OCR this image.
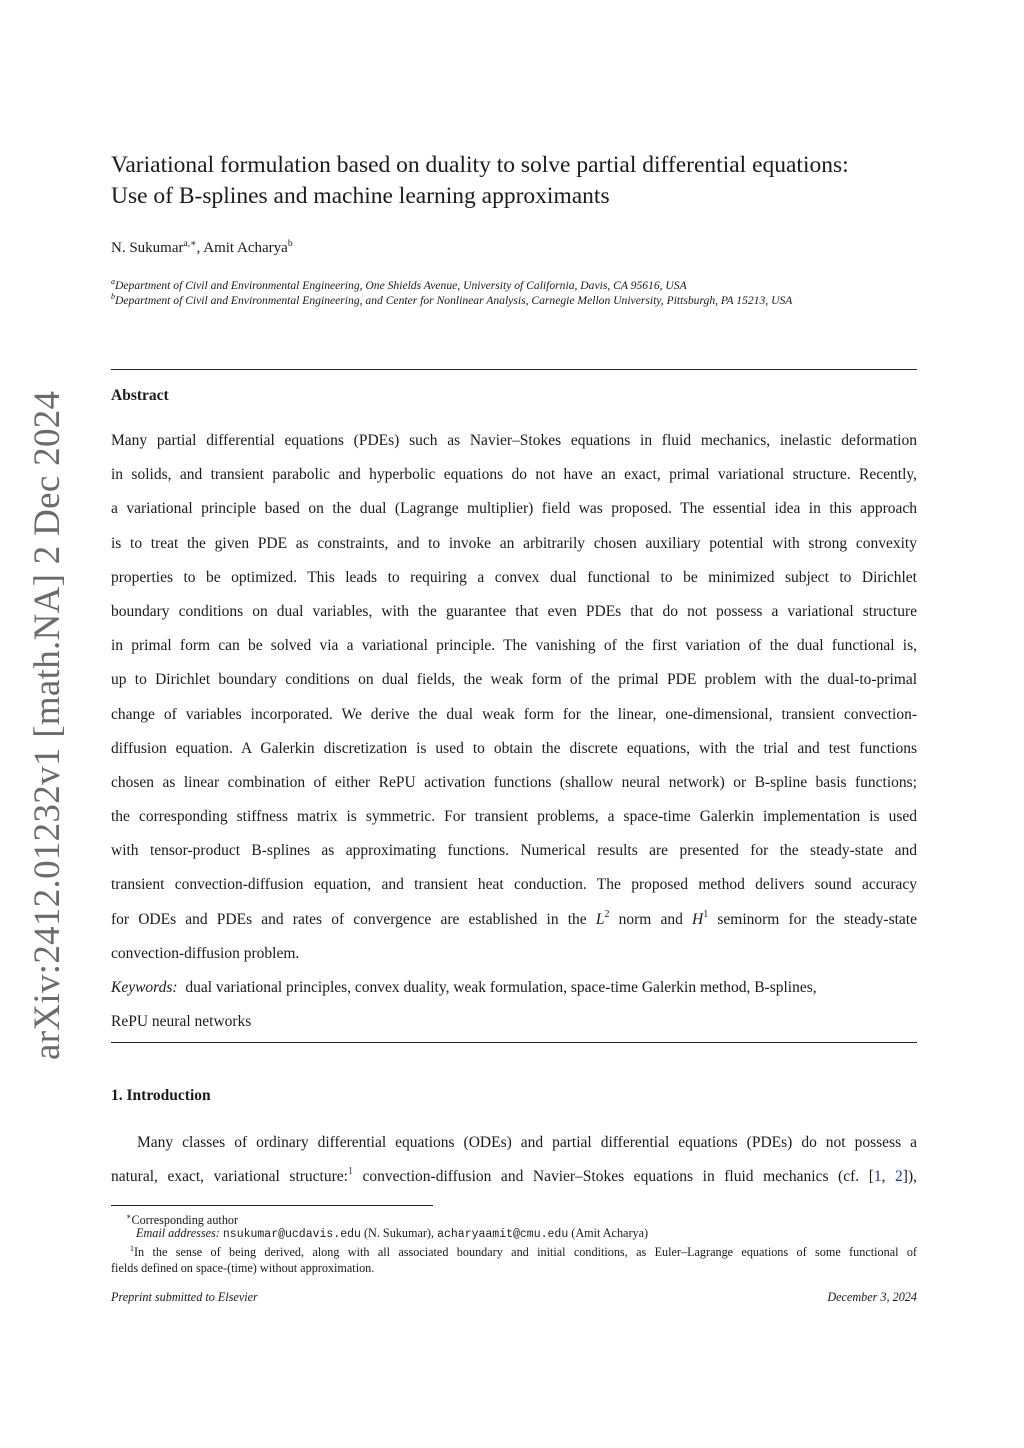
arXiv:2412.01232v1 [math.NA] 2 Dec 2024
Variational formulation based on duality to solve partial differential equations:
Use of B-splines and machine learning approximants
N. Sukumar$^{a,∗}$, Amit Acharya$^b$
$^a$Department of Civil and Environmental Engineering, One Shields Avenue, University of California, Davis, CA 95616, USA
$^b$Department of Civil and Environmental Engineering, and Center for Nonlinear Analysis, Carnegie Mellon University, Pittsburgh, PA 15213, USA
Abstract
Many partial differential equations (PDEs) such as Navier–Stokes equations in fluid mechanics, inelastic deformation
in solids, and transient parabolic and hyperbolic equations do not have an exact, primal variational structure. Recently,
a variational principle based on the dual (Lagrange multiplier) field was proposed. The essential idea in this approach
is to treat the given PDE as constraints, and to invoke an arbitrarily chosen auxiliary potential with strong convexity
properties to be optimized. This leads to requiring a convex dual functional to be minimized subject to Dirichlet
boundary conditions on dual variables, with the guarantee that even PDEs that do not possess a variational structure
in primal form can be solved via a variational principle. The vanishing of the first variation of the dual functional is,
up to Dirichlet boundary conditions on dual fields, the weak form of the primal PDE problem with the dual-to-primal
change of variables incorporated. We derive the dual weak form for the linear, one-dimensional, transient convection-
diffusion equation. A Galerkin discretization is used to obtain the discrete equations, with the trial and test functions
chosen as linear combination of either RePU activation functions (shallow neural network) or B-spline basis functions;
the corresponding stiffness matrix is symmetric. For transient problems, a space-time Galerkin implementation is used
with tensor-product B-splines as approximating functions. Numerical results are presented for the steady-state and
transient convection-diffusion equation, and transient heat conduction. The proposed method delivers sound accuracy
for ODEs and PDEs and rates of convergence are established in the $L^2$ norm and $H^1$ seminorm for the steady-state
convection-diffusion problem.
Keywords: dual variational principles, convex duality, weak formulation, space-time Galerkin method, B-splines,
RePU neural networks
1. Introduction
Many classes of ordinary differential equations (ODEs) and partial differential equations (PDEs) do not possess a
natural, exact, variational structure:$^1$ convection-diffusion and Navier–Stokes equations in fluid mechanics (cf. [1, 2]),
∗Corresponding author
Email addresses: nsukumar@ucdavis.edu (N. Sukumar), acharyaamit@cmu.edu (Amit Acharya)
$^1$In the sense of being derived, along with all associated boundary and initial conditions, as Euler–Lagrange equations of some functional of
fields defined on space-(time) without approximation.
Preprint submitted to Elsevier	December 3, 2024
